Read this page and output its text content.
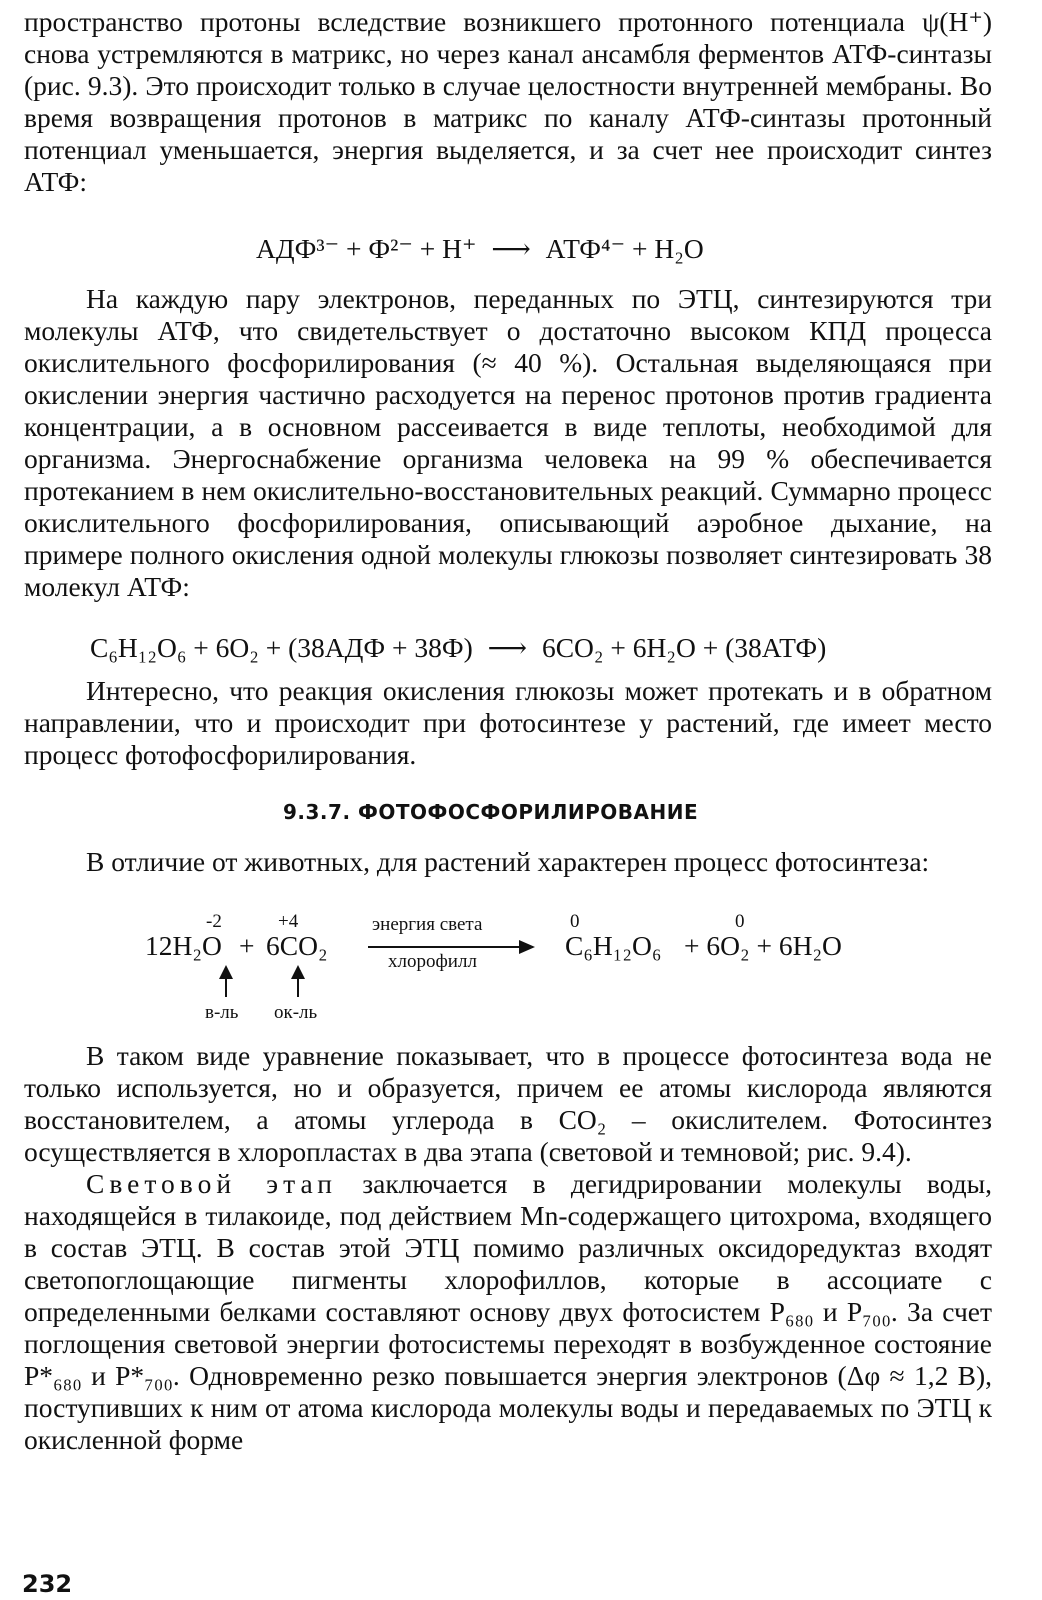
пространство протоны вследствие возникшего протонного потенциала ψ(H⁺) снова устремляются в матрикс, но через канал ансамбля ферментов АТФ-синтазы (рис. 9.3). Это происходит только в случае целостности внутренней мембраны. Во время возвращения протонов в матрикс по каналу АТФ-синтазы протонный потенциал уменьшается, энергия выделяется, и за счет нее происходит синтез АТФ:

АДФ³⁻ + Ф²⁻ + H⁺ ⟶ АТФ⁴⁻ + H₂O

На каждую пару электронов, переданных по ЭТЦ, синтезируются три молекулы АТФ, что свидетельствует о достаточно высоком КПД процесса окислительного фосфорилирования (≈ 40 %). Остальная выделяющаяся при окислении энергия частично расходуется на перенос протонов против градиента концентрации, а в основном рассеивается в виде теплоты, необходимой для организма. Энергоснабжение организма человека на 99 % обеспечивается протеканием в нем окислительно-восстановительных реакций. Суммарно процесс окислительного фосфорилирования, описывающий аэробное дыхание, на примере полного окисления одной молекулы глюкозы позволяет синтезировать 38 молекул АТФ:

C₆H₁₂O₆ + 6O₂ + (38АДФ + 38Ф) ⟶ 6CO₂ + 6H₂O + (38АТФ)

Интересно, что реакция окисления глюкозы может протекать и в обратном направлении, что и происходит при фотосинтезе у растений, где имеет место процесс фотофосфорилирования.

9.3.7. ФОТОФОСФОРИЛИРОВАНИЕ

В отличие от животных, для растений характерен процесс фотосинтеза:

-2	+4
12H₂O + 6CO₂
энергия света
хлорофилл
0	0
C₆H₁₂O₆ + 6O₂ + 6H₂O
в-ль ок-ль

В таком виде уравнение показывает, что в процессе фотосинтеза вода не только используется, но и образуется, причем ее атомы кислорода являются восстановителем, а атомы углерода в CO₂ – окислителем. Фотосинтез осуществляется в хлоропластах в два этапа (световой и темновой; рис. 9.4).

Световой этап заключается в дегидрировании молекулы воды, находящейся в тилакоиде, под действием Mn-содержащего цитохрома, входящего в состав ЭТЦ. В состав этой ЭТЦ помимо различных оксидоредуктаз входят светопоглощающие пигменты хлорофиллов, которые в ассоциате с определенными белками составляют основу двух фотосистем P₆₈₀ и P₇₀₀. За счет поглощения световой энергии фотосистемы переходят в возбужденное состояние P*₆₈₀ и P*₇₀₀. Одновременно резко повышается энергия электронов (Δφ ≈ 1,2 В), поступивших к ним от атома кислорода молекулы воды и передаваемых по ЭТЦ к окисленной форме

232
